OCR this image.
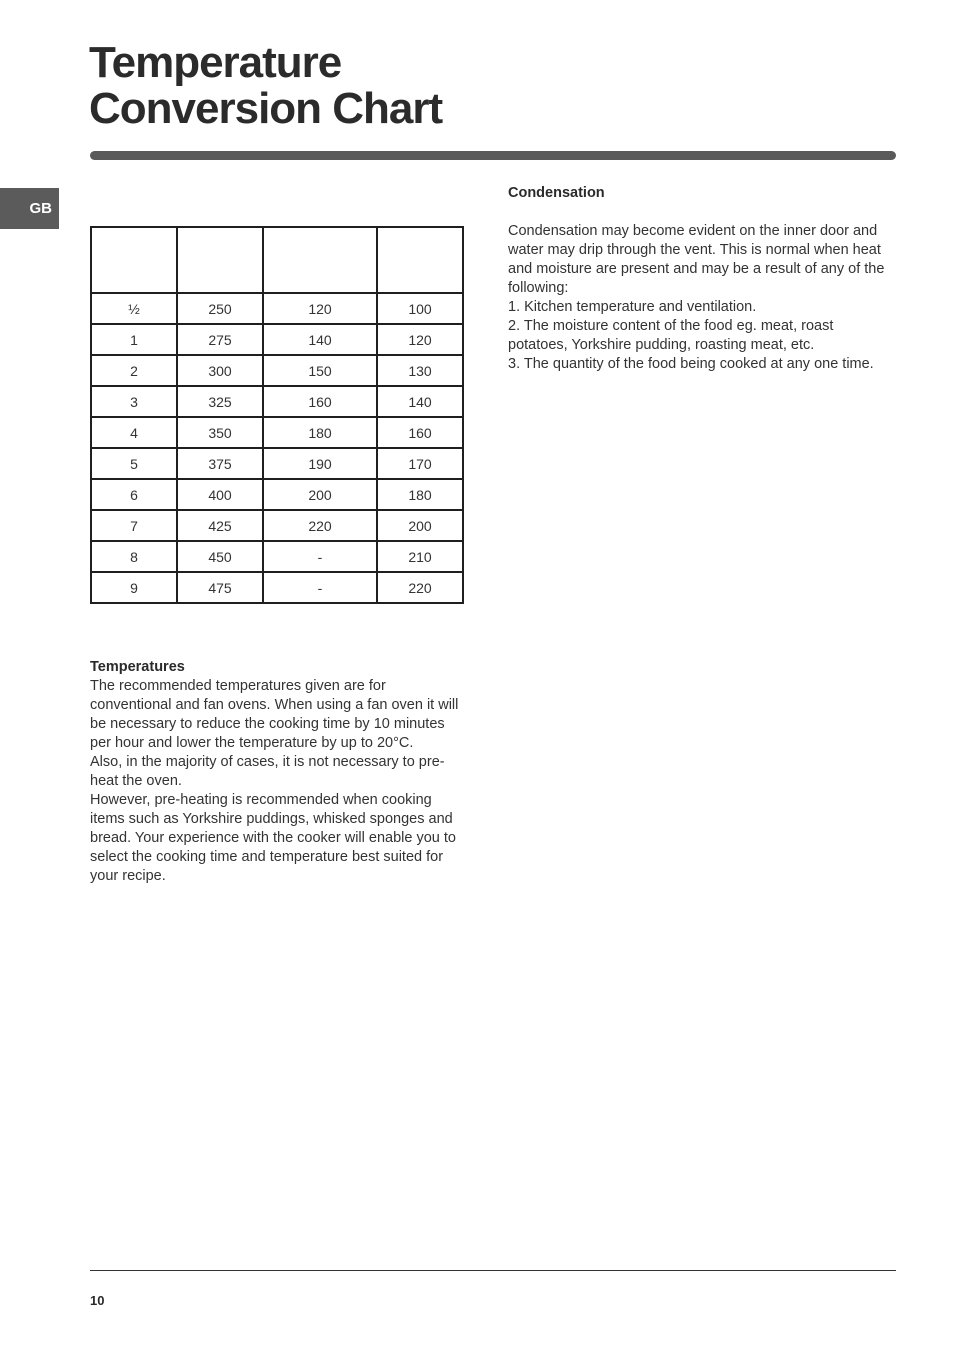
Temperature
Conversion Chart
GB

½	250	120	100
1	275	140	120
2	300	150	130
3	325	160	140
4	350	180	160
5	375	190	170
6	400	200	180
7	425	220	200
8	450	-	210
9	475	-	220

Temperatures

The recommended temperatures given are for conventional and fan ovens. When using a fan oven it will be necessary to reduce the cooking time by 10 minutes per hour and lower the temperature by up to 20°C.

Also, in the majority of cases, it is not necessary to pre-heat the oven.

However, pre-heating is recommended when cooking items such as Yorkshire puddings, whisked sponges and bread. Your experience with the cooker will enable you to select the cooking time and temperature best suited for your recipe.

Condensation

Condensation may become evident on the inner door and water may drip through the vent. This is normal when heat and moisture are present and may be a result of any of the following:

1. Kitchen temperature and ventilation.

2. The moisture content of the food eg. meat, roast potatoes, Yorkshire pudding, roasting meat, etc.

3. The quantity of the food being cooked at any one time.

10
